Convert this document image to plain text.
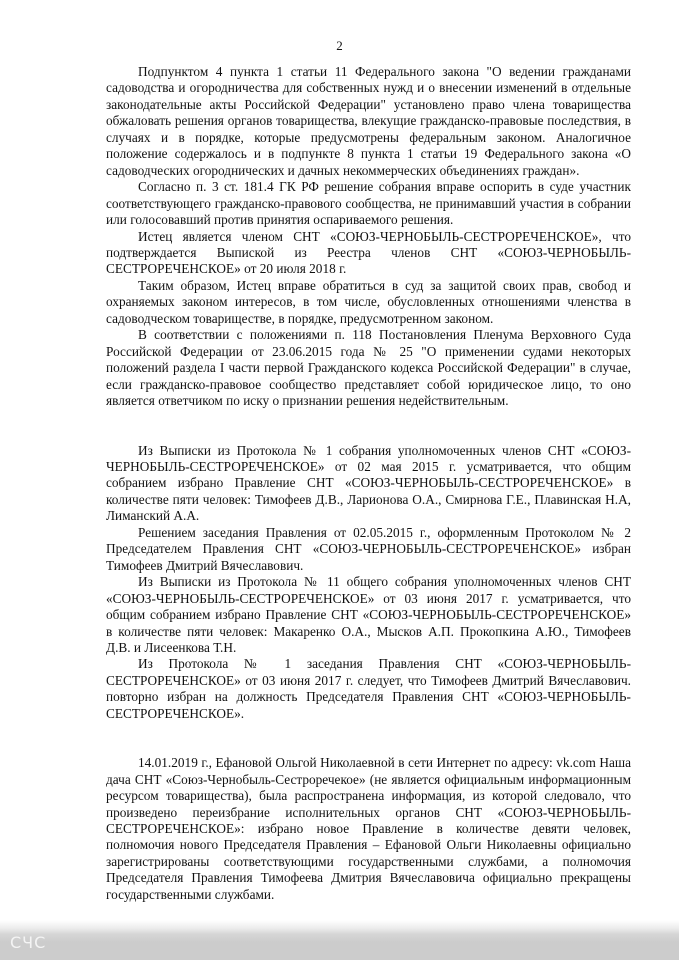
2

Подпунктом 4 пункта 1 статьи 11 Федерального закона "О ведении гражданами садоводства и огородничества для собственных нужд и о внесении изменений в отдельные законодательные акты Российской Федерации" установлено право члена товарищества обжаловать решения органов товарищества, влекущие гражданско-правовые последствия, в случаях и в порядке, которые предусмотрены федеральным законом. Аналогичное положение содержалось и в подпункте 8 пункта 1 статьи 19 Федерального закона «О садоводческих огороднических и дачных некоммерческих объединениях граждан».

Согласно п. 3 ст. 181.4 ГК РФ решение собрания вправе оспорить в суде участник соответствующего гражданско-правового сообщества, не принимавший участия в собрании или голосовавший против принятия оспариваемого решения.

Истец является членом СНТ «СОЮЗ-ЧЕРНОБЫЛЬ-СЕСТРОРЕЧЕНСКОЕ», что подтверждается Выпиской из Реестра членов СНТ «СОЮЗ-ЧЕРНОБЫЛЬ-СЕСТРОРЕЧЕНСКОЕ» от 20 июля 2018 г.

Таким образом, Истец вправе обратиться в суд за защитой своих прав, свобод и охраняемых законом интересов, в том числе, обусловленных отношениями членства в садоводческом товариществе, в порядке, предусмотренном законом.

В соответствии с положениями п. 118 Постановления Пленума Верховного Суда Российской Федерации от 23.06.2015 года № 25 "О применении судами некоторых положений раздела I части первой Гражданского кодекса Российской Федерации" в случае, если гражданско-правовое сообщество представляет собой юридическое лицо, то оно является ответчиком по иску о признании решения недействительным.

Из Выписки из Протокола № 1 собрания уполномоченных членов СНТ «СОЮЗ-ЧЕРНОБЫЛЬ-СЕСТРОРЕЧЕНСКОЕ» от 02 мая 2015 г. усматривается, что общим собранием избрано Правление СНТ «СОЮЗ-ЧЕРНОБЫЛЬ-СЕСТРОРЕЧЕНСКОЕ» в количестве пяти человек: Тимофеев Д.В., Ларионова О.А., Смирнова Г.Е., Плавинская Н.А, Лиманский А.А.

Решением заседания Правления от 02.05.2015 г., оформленным Протоколом № 2 Председателем Правления СНТ «СОЮЗ-ЧЕРНОБЫЛЬ-СЕСТРОРЕЧЕНСКОЕ» избран Тимофеев Дмитрий Вячеславович.

Из Выписки из Протокола № 11 общего собрания уполномоченных членов СНТ «СОЮЗ-ЧЕРНОБЫЛЬ-СЕСТРОРЕЧЕНСКОЕ» от 03 июня 2017 г. усматривается, что общим собранием избрано Правление СНТ «СОЮЗ-ЧЕРНОБЫЛЬ-СЕСТРОРЕЧЕНСКОЕ» в количестве пяти человек: Макаренко О.А., Мысков А.П. Прокопкина А.Ю., Тимофеев Д.В. и Лисеенкова Т.Н.

Из Протокола № 1 заседания Правления СНТ «СОЮЗ-ЧЕРНОБЫЛЬ-СЕСТРОРЕЧЕНСКОЕ» от 03 июня 2017 г. следует, что Тимофеев Дмитрий Вячеславович. повторно избран на должность Председателя Правления СНТ «СОЮЗ-ЧЕРНОБЫЛЬ-СЕСТРОРЕЧЕНСКОЕ».

14.01.2019 г., Ефановой Ольгой Николаевной в сети Интернет по адресу: vk.com Наша дача СНТ «Союз-Чернобыль-Сестроречекое» (не является официальным информационным ресурсом товарищества), была распространена информация, из которой следовало, что произведено переизбрание исполнительных органов СНТ «СОЮЗ-ЧЕРНОБЫЛЬ-СЕСТРОРЕЧЕНСКОЕ»: избрано новое Правление в количестве девяти человек, полномочия нового Председателя Правления – Ефановой Ольги Николаевны официально зарегистрированы соответствующими государственными службами, а полномочия Председателя Правления Тимофеева Дмитрия Вячеславовича официально прекращены государственными службами.

СЧС
